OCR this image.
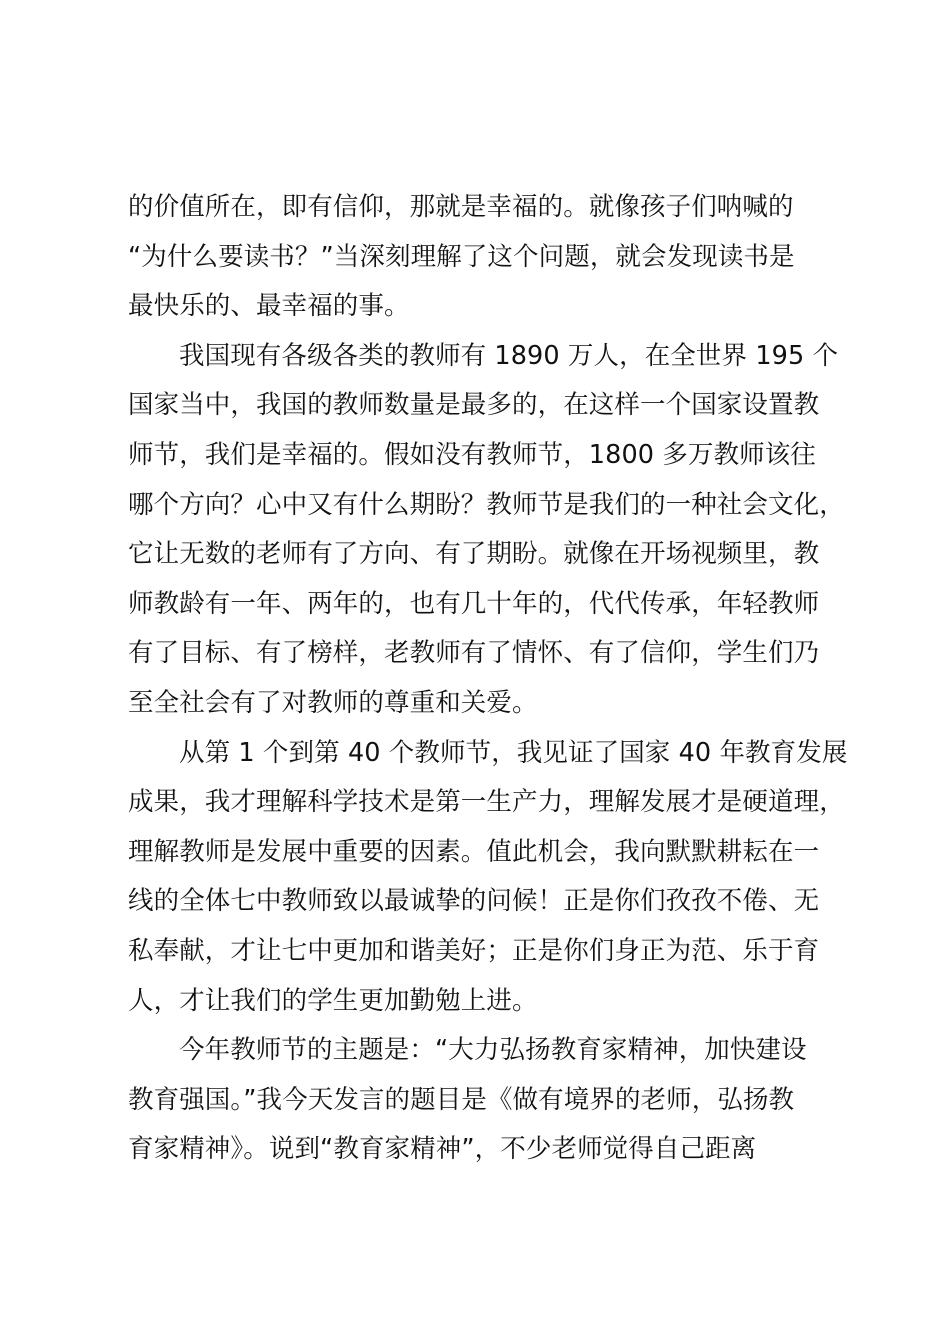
的价值所在，即有信仰，那就是幸福的。就像孩子们呐喊的
“为什么要读书？”当深刻理解了这个问题，就会发现读书是
最快乐的、最幸福的事。
我国现有各级各类的教师有 1890 万人，在全世界 195 个
国家当中，我国的教师数量是最多的，在这样一个国家设置教
师节，我们是幸福的。假如没有教师节，1800 多万教师该往
哪个方向？心中又有什么期盼？教师节是我们的一种社会文化，
它让无数的老师有了方向、有了期盼。就像在开场视频里，教
师教龄有一年、两年的，也有几十年的，代代传承，年轻教师
有了目标、有了榜样，老教师有了情怀、有了信仰，学生们乃
至全社会有了对教师的尊重和关爱。
从第 1 个到第 40 个教师节，我见证了国家 40 年教育发展
成果，我才理解科学技术是第一生产力，理解发展才是硬道理，
理解教师是发展中重要的因素。值此机会，我向默默耕耘在一
线的全体七中教师致以最诚挚的问候！正是你们孜孜不倦、无
私奉献，才让七中更加和谐美好；正是你们身正为范、乐于育
人，才让我们的学生更加勤勉上进。
今年教师节的主题是：“大力弘扬教育家精神，加快建设
教育强国。”我今天发言的题目是《做有境界的老师，弘扬教
育家精神》。说到“教育家精神”，不少老师觉得自己距离
